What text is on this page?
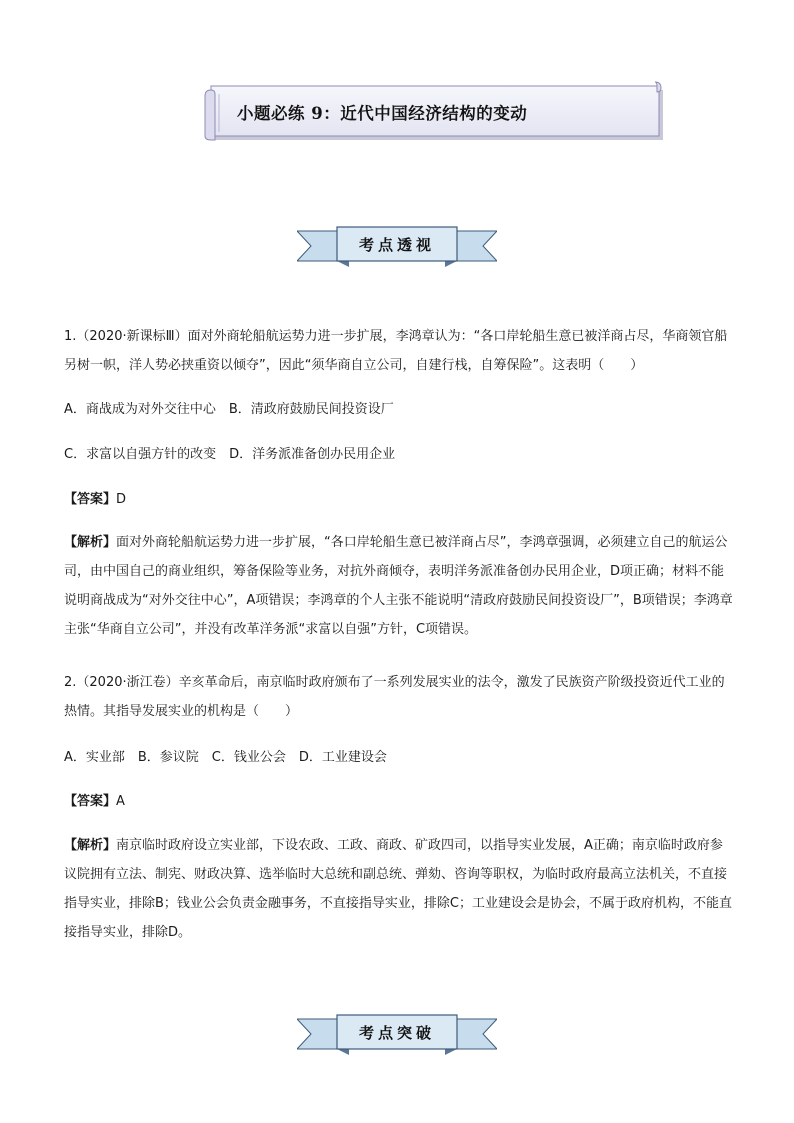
小题必练 9：近代中国经济结构的变动
考点透视

1.（2020·新课标Ⅲ）面对外商轮船航运势力进一步扩展，李鸿章认为：“各口岸轮船生意已被洋商占尽，华商领官船另树一帜，洋人势必挟重资以倾夺”，因此“须华商自立公司，自建行栈，自筹保险”。这表明（　　）

A．商战成为对外交往中心　B．清政府鼓励民间投资设厂
C．求富以自强方针的改变　D．洋务派准备创办民用企业
【答案】D

【解析】面对外商轮船航运势力进一步扩展，“各口岸轮船生意已被洋商占尽”，李鸿章强调，必须建立自己的航运公司，由中国自己的商业组织，筹备保险等业务，对抗外商倾夺，表明洋务派准备创办民用企业，D项正确；材料不能说明商战成为“对外交往中心”，A项错误；李鸿章的个人主张不能说明“清政府鼓励民间投资设厂”，B项错误；李鸿章主张“华商自立公司”，并没有改革洋务派“求富以自强”方针，C项错误。

2.（2020·浙江卷）辛亥革命后，南京临时政府颁布了一系列发展实业的法令，激发了民族资产阶级投资近代工业的热情。其指导发展实业的机构是（　　）

A．实业部　B．参议院　C．钱业公会　D．工业建设会
【答案】A

【解析】南京临时政府设立实业部，下设农政、工政、商政、矿政四司，以指导实业发展，A正确；南京临时政府参议院拥有立法、制宪、财政决算、选举临时大总统和副总统、弹劾、咨询等职权，为临时政府最高立法机关，不直接指导实业，排除B；钱业公会负责金融事务，不直接指导实业，排除C；工业建设会是协会，不属于政府机构，不能直接指导实业，排除D。

考点突破
